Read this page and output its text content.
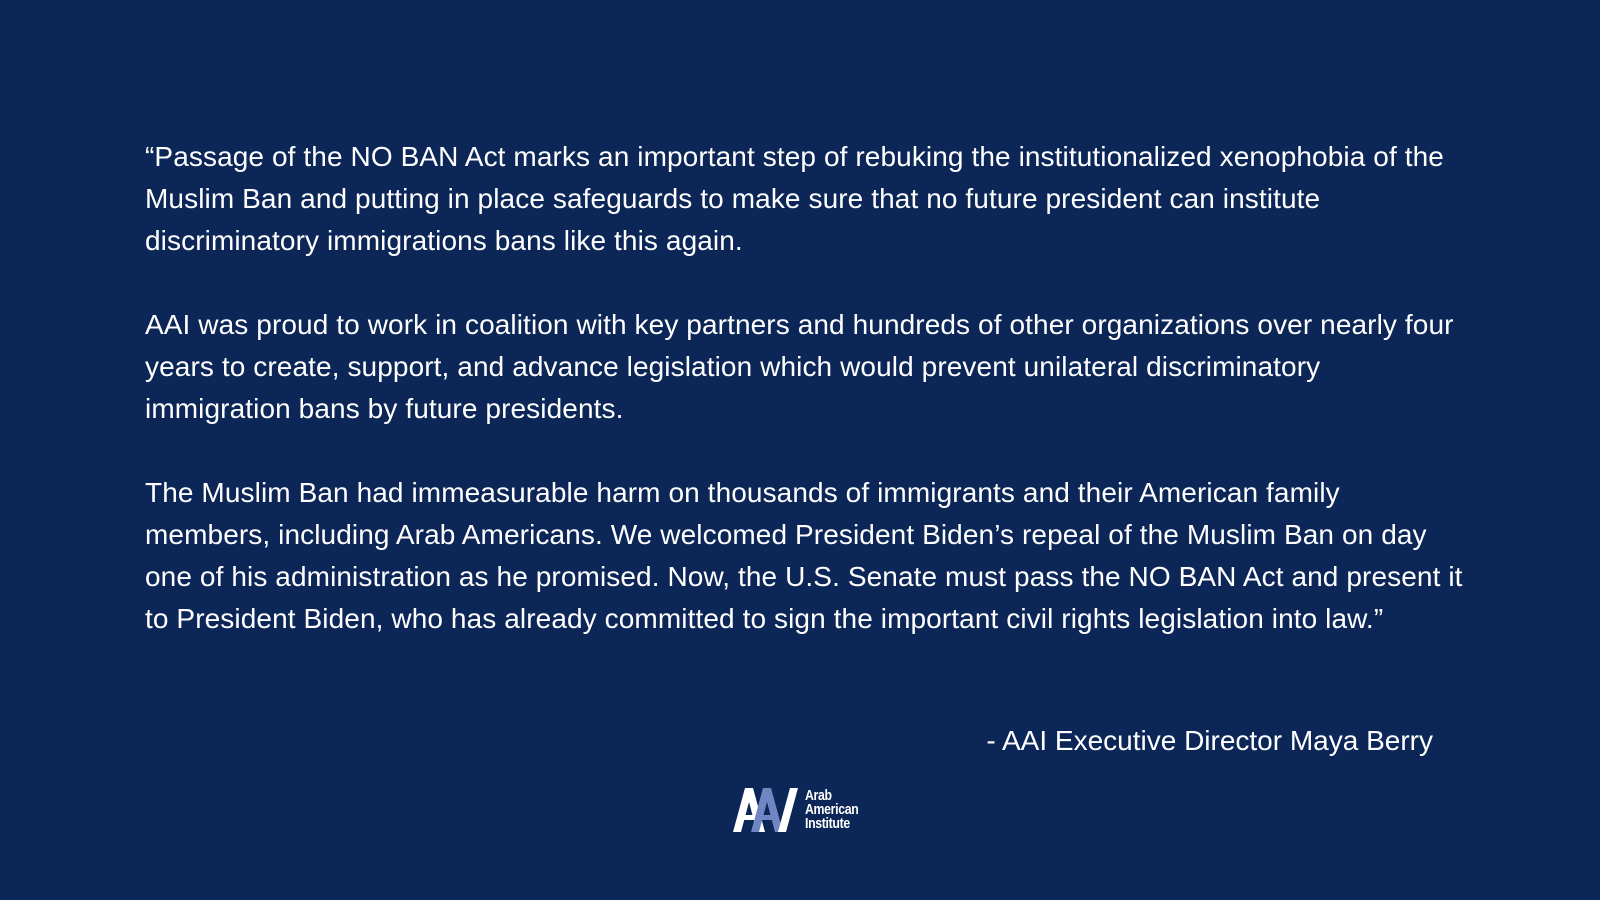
“Passage of the NO BAN Act marks an important step of rebuking the institutionalized xenophobia of the Muslim Ban and putting in place safeguards to make sure that no future president can institute discriminatory immigrations bans like this again.

AAI was proud to work in coalition with key partners and hundreds of other organizations over nearly four years to create, support, and advance legislation which would prevent unilateral discriminatory immigration bans by future presidents.

The Muslim Ban had immeasurable harm on thousands of immigrants and their American family members, including Arab Americans. We welcomed President Biden’s repeal of the Muslim Ban on day one of his administration as he promised. Now, the U.S. Senate must pass the NO BAN Act and present it to President Biden, who has already committed to sign the important civil rights legislation into law.”

- AAI Executive Director Maya Berry
Arab
American
Institute
